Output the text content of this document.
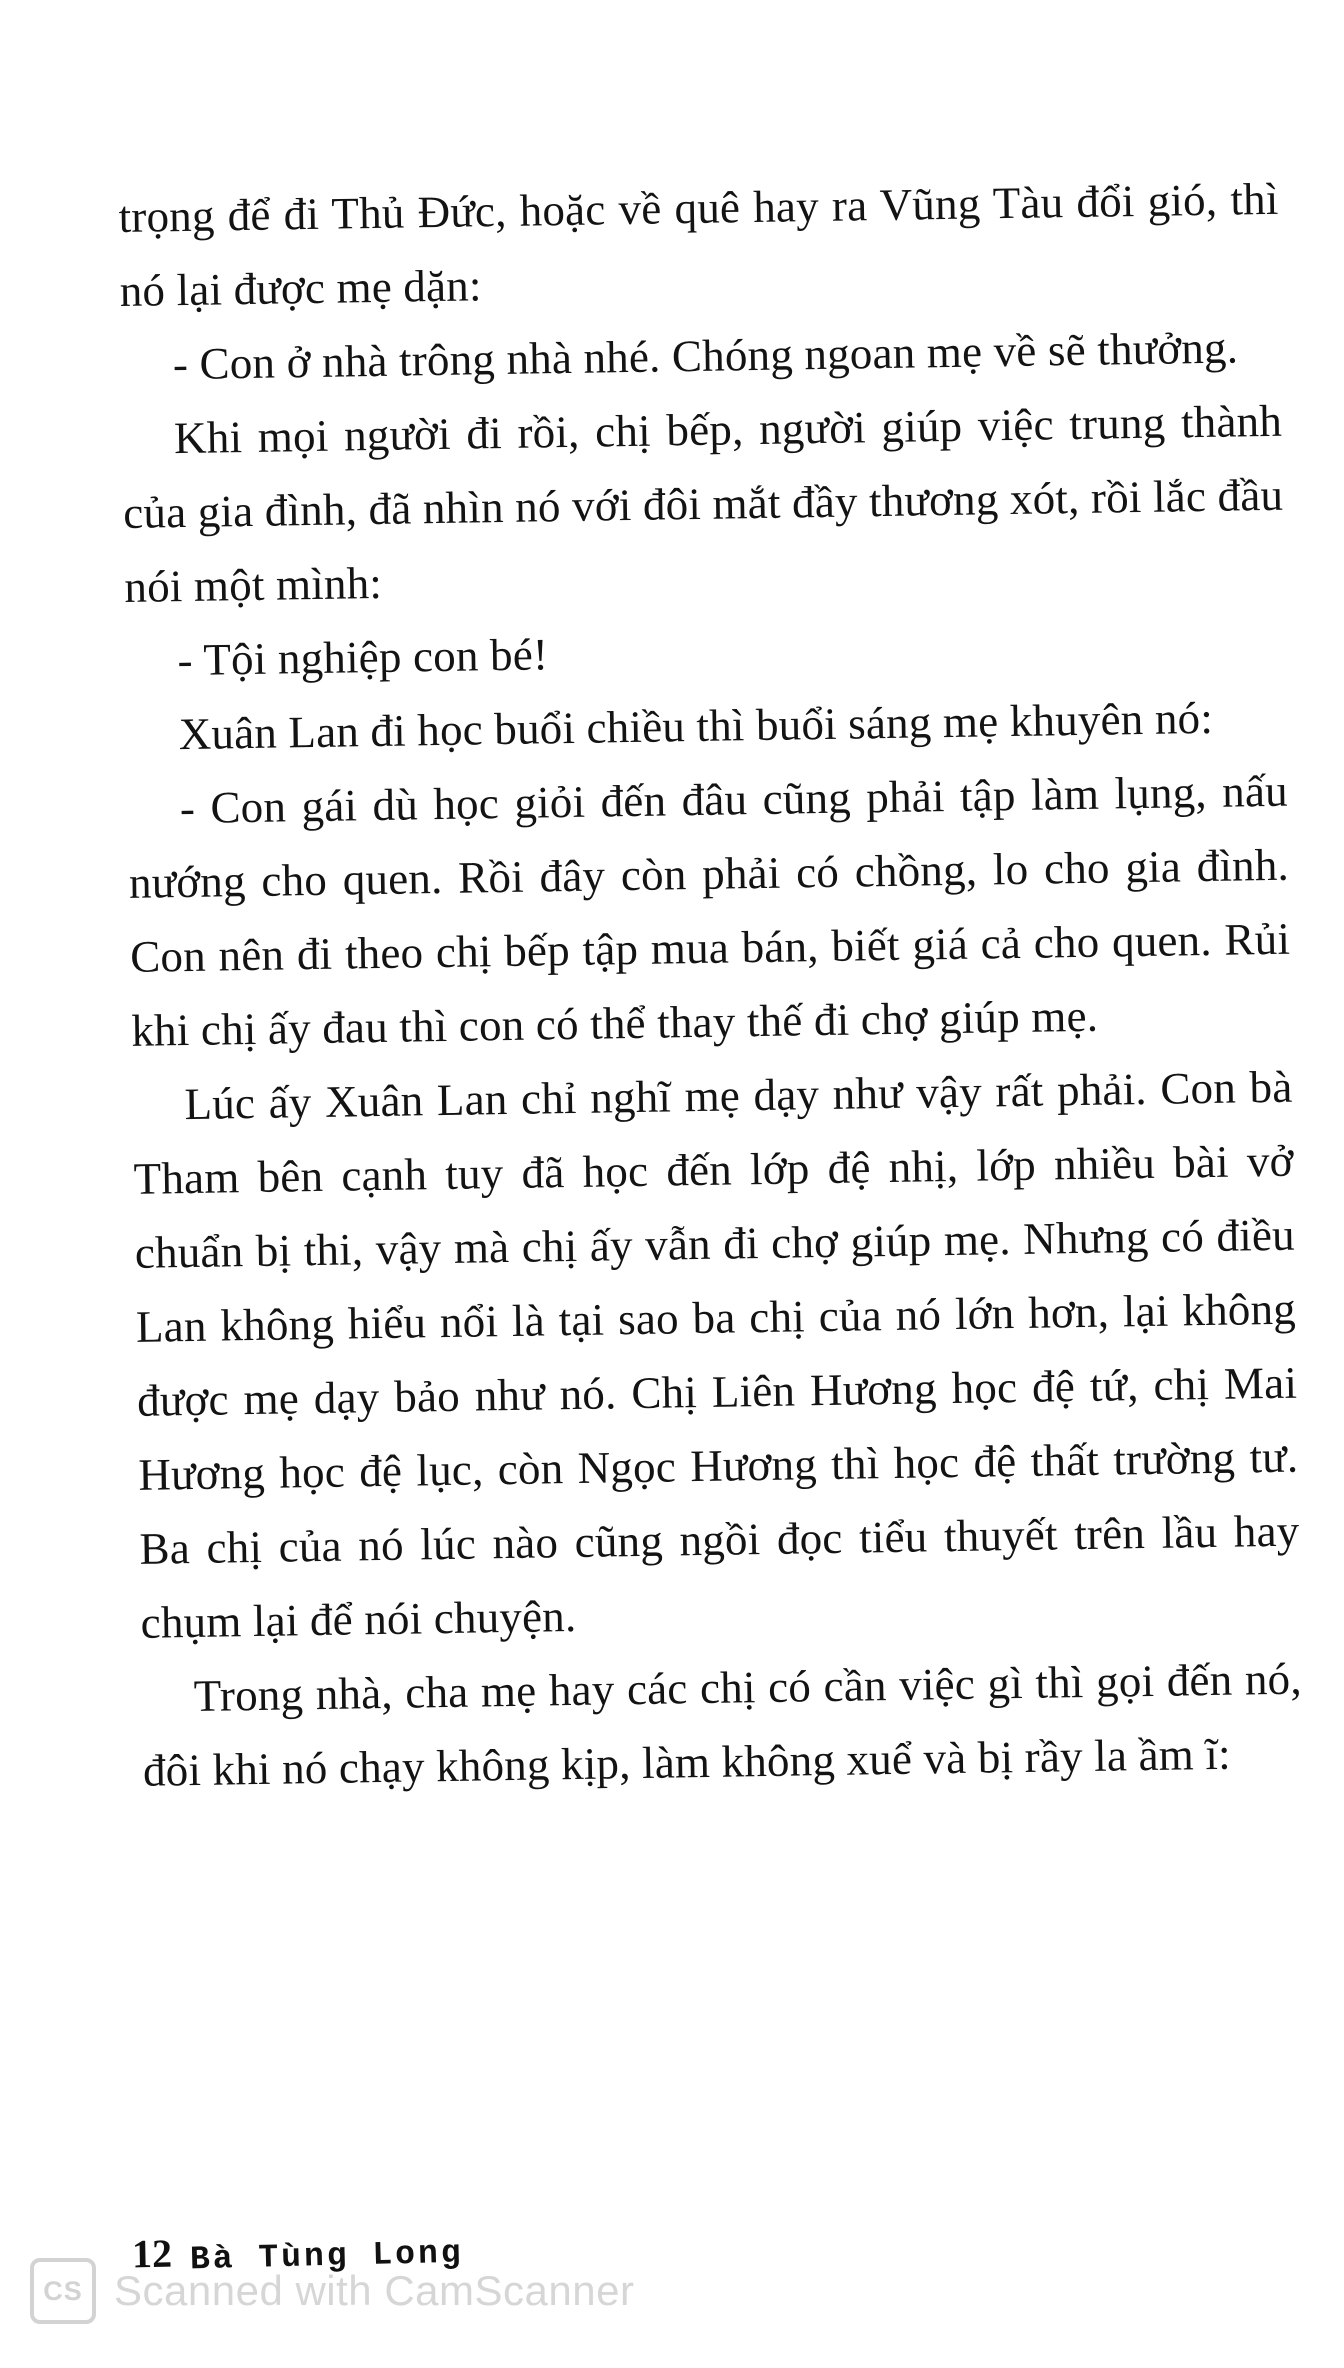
trọng để đi Thủ Đức, hoặc về quê hay ra Vũng Tàu đổi gió, thì nó lại được mẹ dặn:

- Con ở nhà trông nhà nhé. Chóng ngoan mẹ về sẽ thưởng.

Khi mọi người đi rồi, chị bếp, người giúp việc trung thành của gia đình, đã nhìn nó với đôi mắt đầy thương xót, rồi lắc đầu nói một mình:

- Tội nghiệp con bé!

Xuân Lan đi học buổi chiều thì buổi sáng mẹ khuyên nó:

- Con gái dù học giỏi đến đâu cũng phải tập làm lụng, nấu nướng cho quen. Rồi đây còn phải có chồng, lo cho gia đình. Con nên đi theo chị bếp tập mua bán, biết giá cả cho quen. Rủi khi chị ấy đau thì con có thể thay thế đi chợ giúp mẹ.

Lúc ấy Xuân Lan chỉ nghĩ mẹ dạy như vậy rất phải. Con bà Tham bên cạnh tuy đã học đến lớp đệ nhị, lớp nhiều bài vở chuẩn bị thi, vậy mà chị ấy vẫn đi chợ giúp mẹ. Nhưng có điều Lan không hiểu nổi là tại sao ba chị của nó lớn hơn, lại không được mẹ dạy bảo như nó. Chị Liên Hương học đệ tứ, chị Mai Hương học đệ lục, còn Ngọc Hương thì học đệ thất trường tư. Ba chị của nó lúc nào cũng ngồi đọc tiểu thuyết trên lầu hay chụm lại để nói chuyện.

Trong nhà, cha mẹ hay các chị có cần việc gì thì gọi đến nó, đôi khi nó chạy không kịp, làm không xuể và bị rầy la ầm ĩ:

12 Bà Tùng Long
CS Scanned with CamScanner
